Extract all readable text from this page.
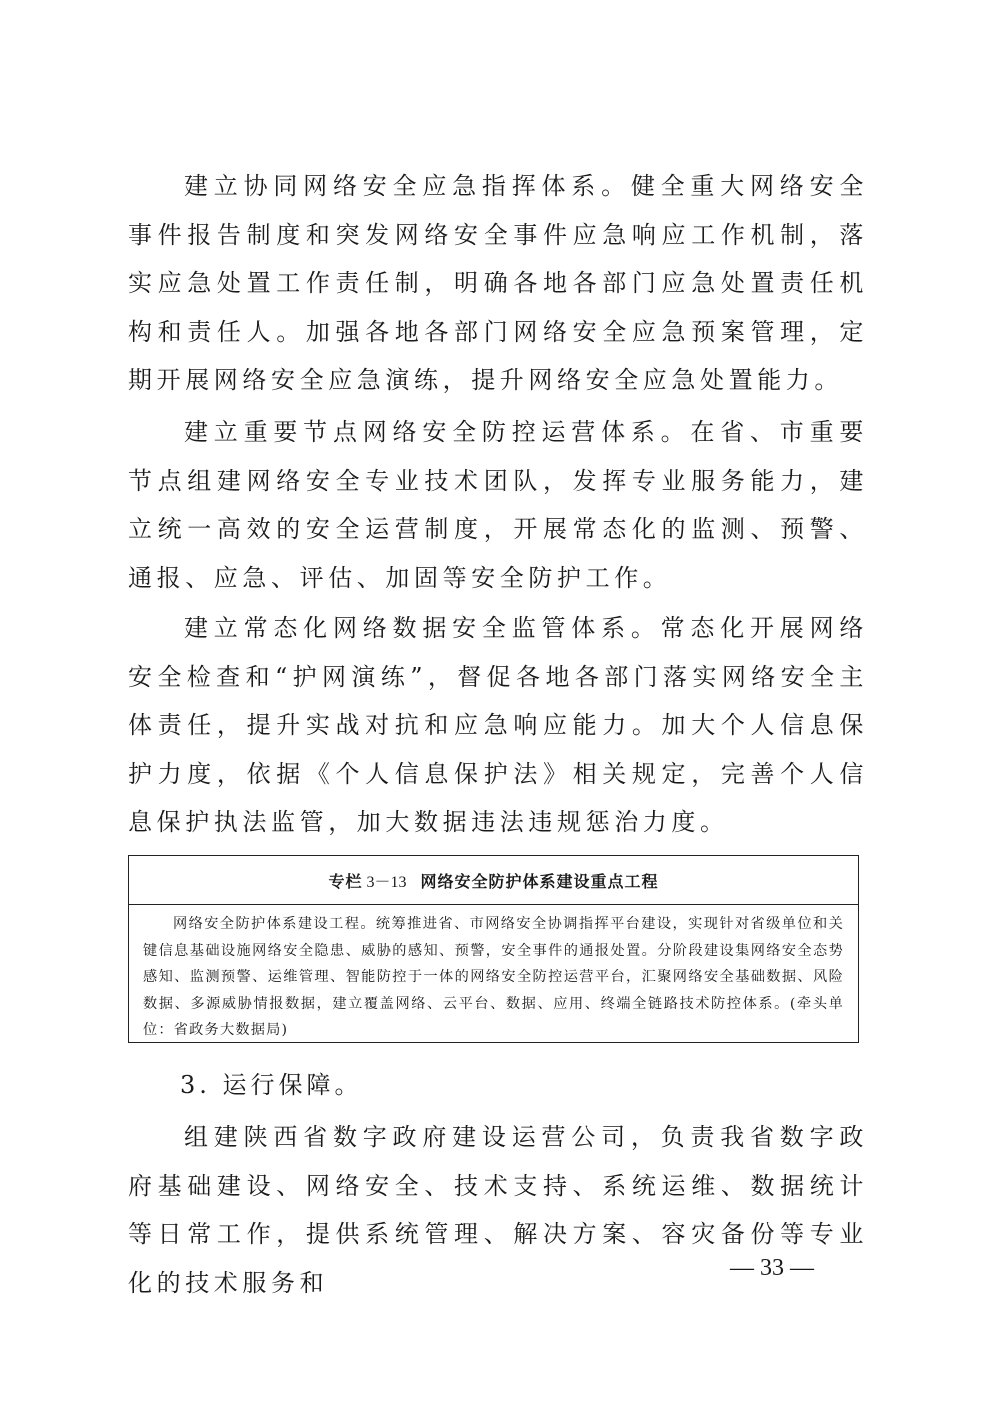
建立协同网络安全应急指挥体系。健全重大网络安全事件报告制度和突发网络安全事件应急响应工作机制，落实应急处置工作责任制，明确各地各部门应急处置责任机构和责任人。加强各地各部门网络安全应急预案管理，定期开展网络安全应急演练，提升网络安全应急处置能力。

建立重要节点网络安全防控运营体系。在省、市重要节点组建网络安全专业技术团队，发挥专业服务能力，建立统一高效的安全运营制度，开展常态化的监测、预警、通报、应急、评估、加固等安全防护工作。

建立常态化网络数据安全监管体系。常态化开展网络安全检查和“护网演练”，督促各地各部门落实网络安全主体责任，提升实战对抗和应急响应能力。加大个人信息保护力度，依据《个人信息保护法》相关规定，完善个人信息保护执法监管，加大数据违法违规惩治力度。

专栏 3－13 网络安全防护体系建设重点工程

网络安全防护体系建设工程。统筹推进省、市网络安全协调指挥平台建设，实现针对省级单位和关键信息基础设施网络安全隐患、威胁的感知、预警，安全事件的通报处置。分阶段建设集网络安全态势感知、监测预警、运维管理、智能防控于一体的网络安全防控运营平台，汇聚网络安全基础数据、风险数据、多源威胁情报数据，建立覆盖网络、云平台、数据、应用、终端全链路技术防控体系。(牵头单位：省政务大数据局)

3. 运行保障。

组建陕西省数字政府建设运营公司，负责我省数字政府基础建设、网络安全、技术支持、系统运维、数据统计等日常工作，提供系统管理、解决方案、容灾备份等专业化的技术服务和

— 33 —
